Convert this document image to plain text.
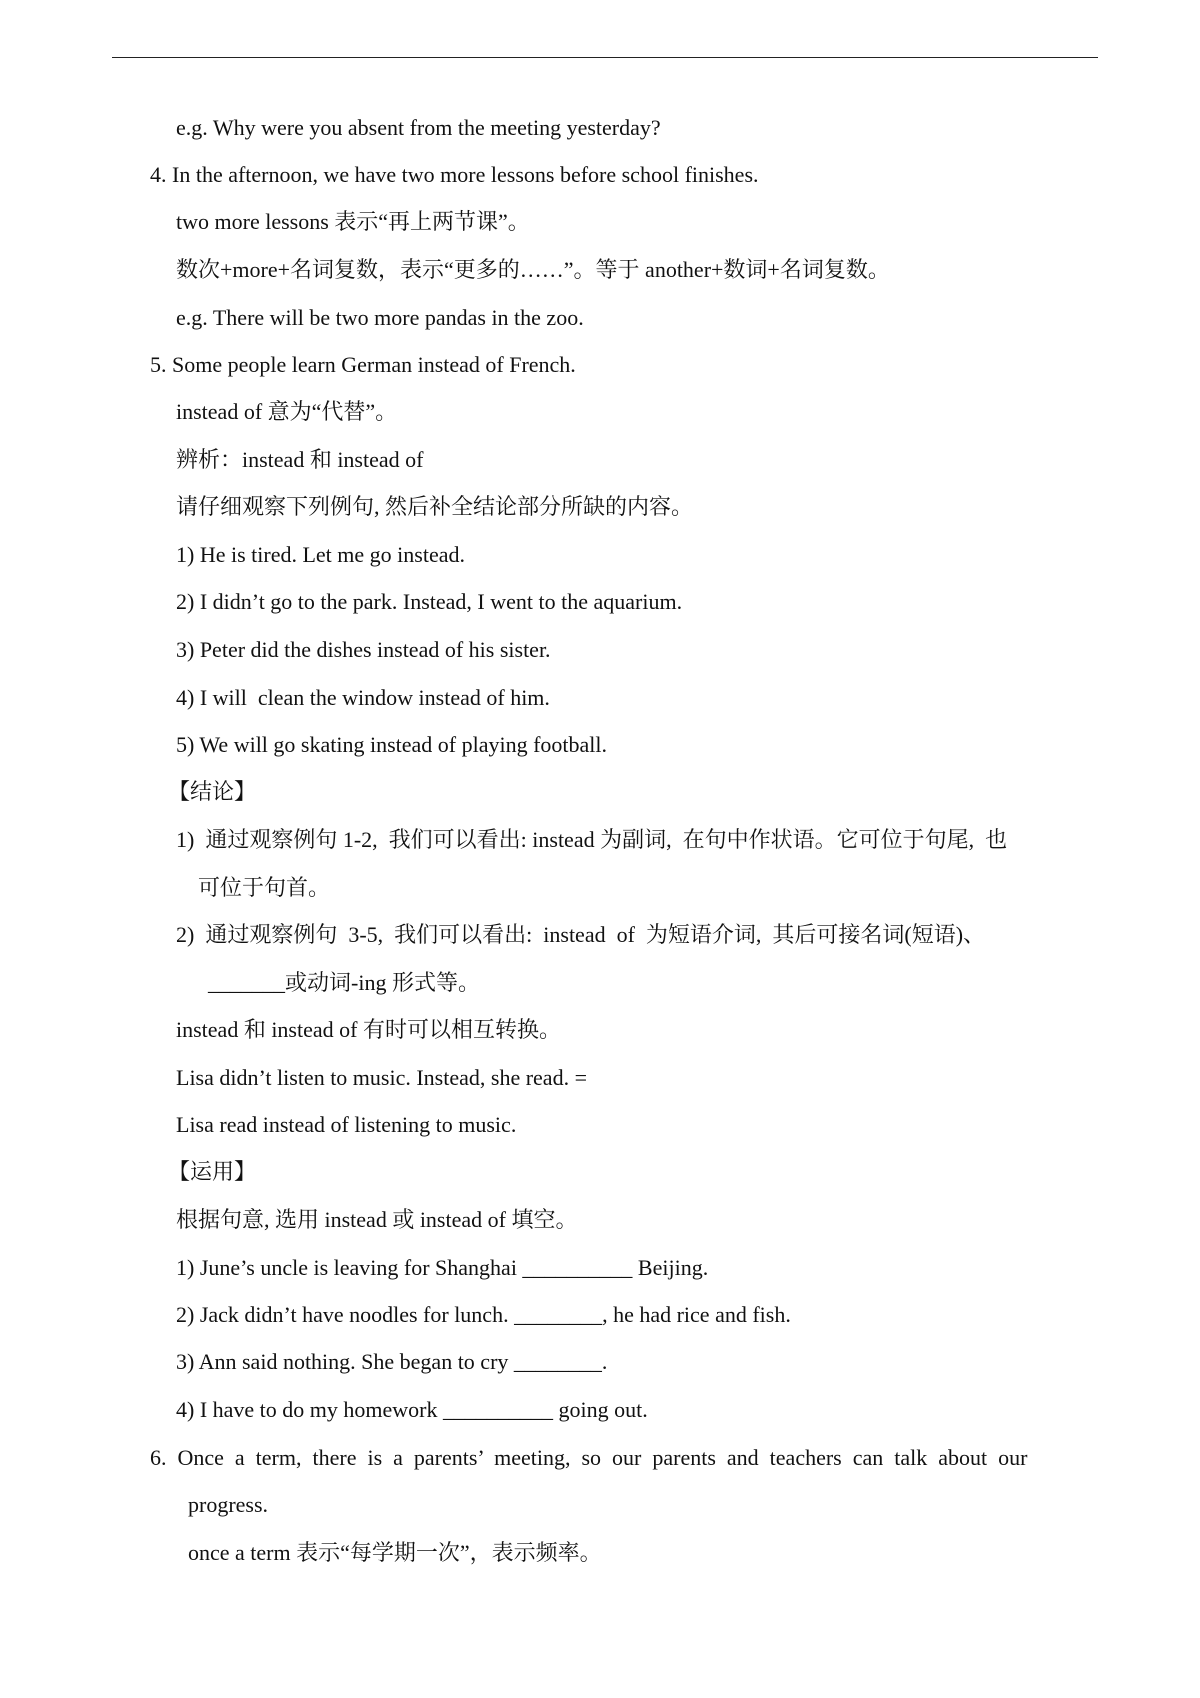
e.g. Why were you absent from the meeting yesterday?
4. In the afternoon, we have two more lessons before school finishes.
two more lessons 表示“再上两节课”。
数次+more+名词复数，表示“更多的……”。等于 another+数词+名词复数。
e.g. There will be two more pandas in the zoo.
5. Some people learn German instead of French.
instead of 意为“代替”。
辨析：instead 和 instead of
请仔细观察下列例句, 然后补全结论部分所缺的内容。
1) He is tired. Let me go instead.
2) I didn’t go to the park. Instead, I went to the aquarium.
3) Peter did the dishes instead of his sister.
4) I will  clean the window instead of him.
5) We will go skating instead of playing football.
【结论】
1)  通过观察例句 1-2,  我们可以看出: instead 为副词,  在句中作状语。它可位于句尾,  也
可位于句首。
2)  通过观察例句  3-5,  我们可以看出:  instead  of  为短语介词,  其后可接名词(短语)、
_______或动词-ing 形式等。
instead 和 instead of 有时可以相互转换。
Lisa didn’t listen to music. Instead, she read. =
Lisa read instead of listening to music.
【运用】
根据句意, 选用 instead 或 instead of 填空。
1) June’s uncle is leaving for Shanghai __________ Beijing.
2) Jack didn’t have noodles for lunch. ________, he had rice and fish.
3) Ann said nothing. She began to cry ________.
4) I have to do my homework __________ going out.
6.  Once  a  term,  there  is  a  parents’  meeting,  so  our  parents  and  teachers  can  talk  about  our
progress.
once a term 表示“每学期一次”，表示频率。
